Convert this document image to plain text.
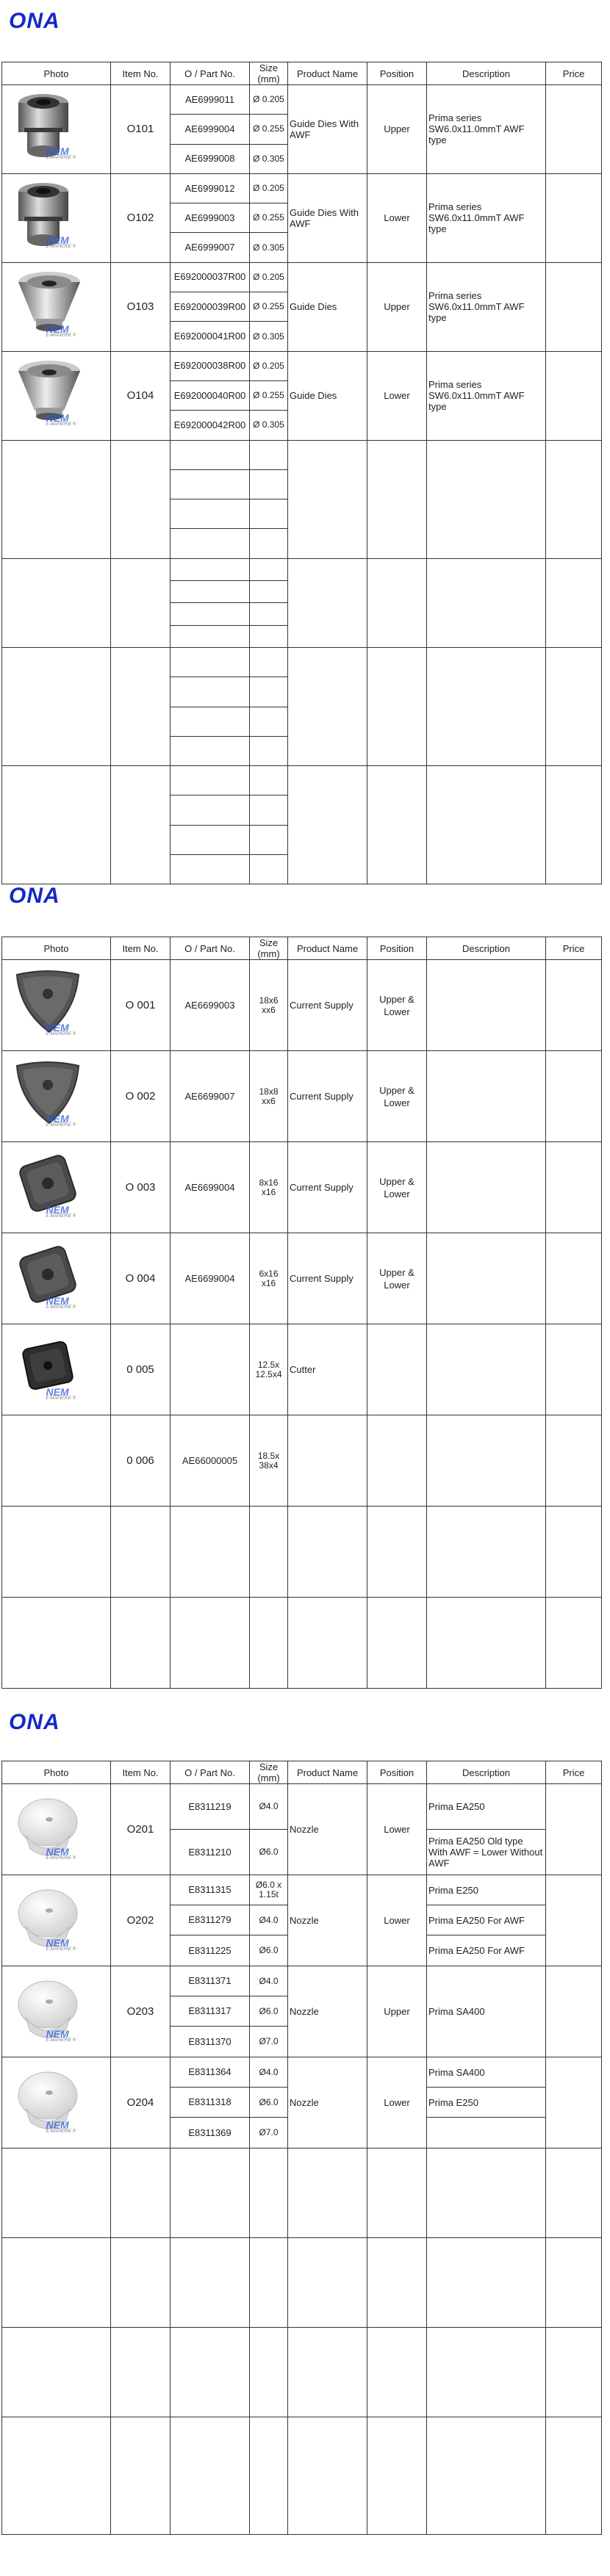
ONA
Photo	Item No.	O / Part No.	Size (mm)	Product Name	Position	Description	Price

NEM
E-MAPIERIE ®	O101	AE6999011	Ø 0.205	Guide Dies With AWF	Upper	Prima series SW6.0x11.0mmT AWF type	
		AE6999004	Ø 0.255				
		AE6999008	Ø 0.305				

NEM
E-MAPIERIE ®	O102	AE6999012	Ø 0.205	Guide Dies With AWF	Lower	Prima series SW6.0x11.0mmT AWF type	
		AE6999003	Ø 0.255				
		AE6999007	Ø 0.305				

NEM
E-MAPIERIE ®	O103	E692000037R00	Ø 0.205	Guide Dies	Upper	Prima series SW6.0x11.0mmT AWF type	
		E692000039R00	Ø 0.255				
		E692000041R00	Ø 0.305				

NEM
E-MAPIERIE ®	O104	E692000038R00	Ø 0.205	Guide Dies	Lower	Prima series SW6.0x11.0mmT AWF type	
		E692000040R00	Ø 0.255				
		E692000042R00	Ø 0.305				

ONA
Photo	Item No.	O / Part No.	Size (mm)	Product Name	Position	Description	Price

NEM
E-MAPIERIE ®	O 001	AE6699003	18x6 xx6	Current Supply	Upper & Lower		

NEM
E-MAPIERIE ®	O 002	AE6699007	18x8 xx6	Current Supply	Upper & Lower		

NEM
E-MAPIERIE ®	O 003	AE6699004	8x16 x16	Current Supply	Upper & Lower		

NEM
E-MAPIERIE ®	O 004	AE6699004	6x16 x16	Current Supply	Upper & Lower		

NEM
E-MAPIERIE ®	0 005		12.5x 12.5x4	Cutter			
	0 006	AE66000005	18.5x 38x4				

ONA
Photo	Item No.	O / Part No.	Size (mm)	Product Name	Position	Description	Price

NEM
E-MAPIERIE ®	O201	E8311219	Ø4.0	Nozzle	Lower	Prima EA250	
		E8311210	Ø6.0			Prima EA250 Old type With AWF = Lower Without AWF	

NEM
E-MAPIERIE ®	O202	E8311315	Ø6.0 x 1.15t	Nozzle	Lower	Prima E250	
		E8311279	Ø4.0			Prima EA250 For AWF	
		E8311225	Ø6.0			Prima EA250 For AWF	

NEM
E-MAPIERIE ®	O203	E8311371	Ø4.0	Nozzle	Upper	Prima SA400	
		E8311317	Ø6.0				
		E8311370	Ø7.0				

NEM
E-MAPIERIE ®	O204	E8311364	Ø4.0	Nozzle	Lower	Prima SA400	
		E8311318	Ø6.0			Prima E250	
		E8311369	Ø7.0				
